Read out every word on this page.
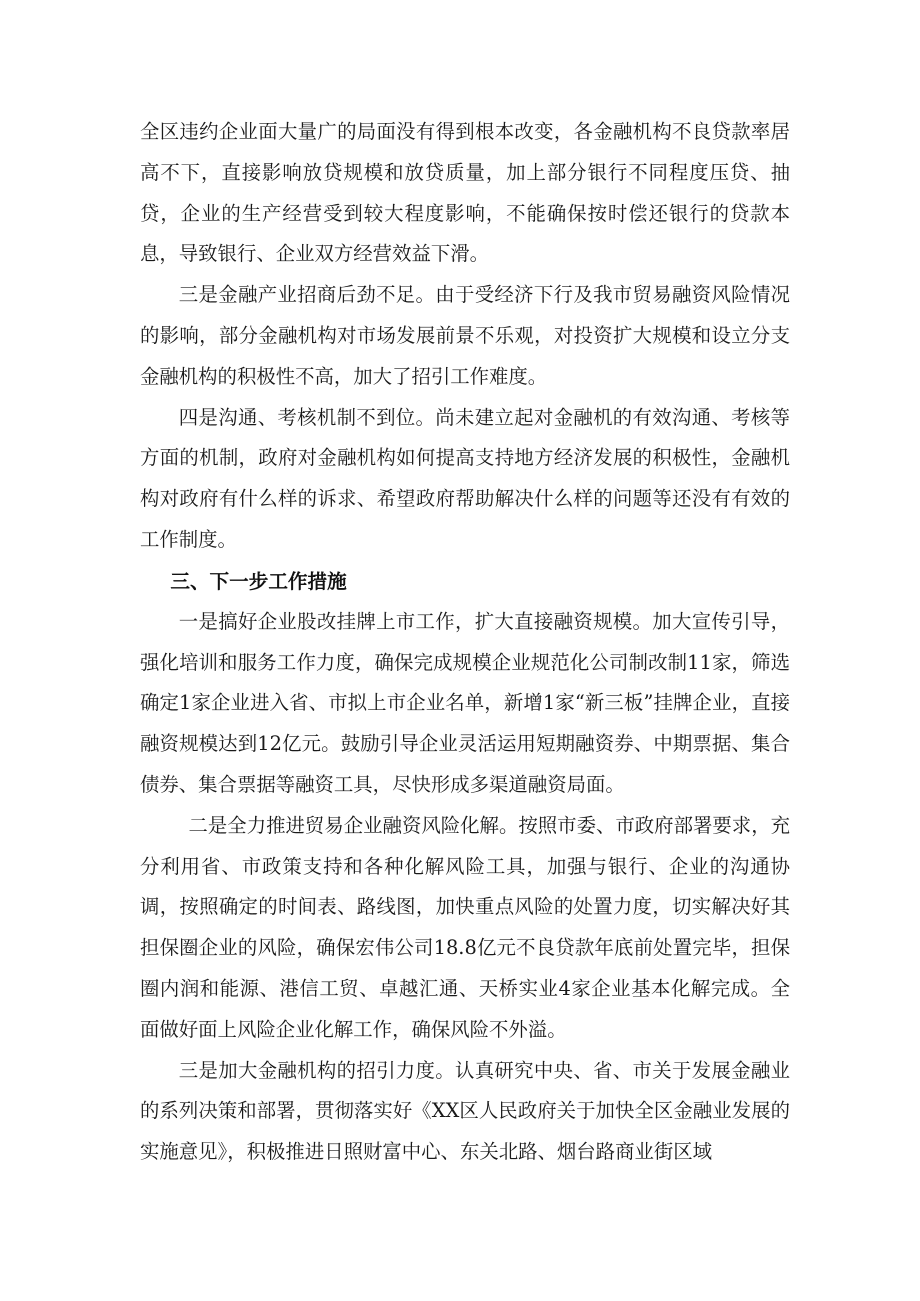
全区违约企业面大量广的局面没有得到根本改变，各金融机构不良贷款率居高不下，直接影响放贷规模和放贷质量，加上部分银行不同程度压贷、抽贷，企业的生产经营受到较大程度影响，不能确保按时偿还银行的贷款本息，导致银行、企业双方经营效益下滑。

三是金融产业招商后劲不足。由于受经济下行及我市贸易融资风险情况的影响，部分金融机构对市场发展前景不乐观，对投资扩大规模和设立分支金融机构的积极性不高，加大了招引工作难度。

四是沟通、考核机制不到位。尚未建立起对金融机的有效沟通、考核等方面的机制，政府对金融机构如何提高支持地方经济发展的积极性，金融机构对政府有什么样的诉求、希望政府帮助解决什么样的问题等还没有有效的工作制度。

三、下一步工作措施

一是搞好企业股改挂牌上市工作，扩大直接融资规模。加大宣传引导，强化培训和服务工作力度，确保完成规模企业规范化公司制改制11家，筛选确定1家企业进入省、市拟上市企业名单，新增1家“新三板”挂牌企业，直接融资规模达到12亿元。鼓励引导企业灵活运用短期融资券、中期票据、集合债券、集合票据等融资工具，尽快形成多渠道融资局面。

二是全力推进贸易企业融资风险化解。按照市委、市政府部署要求，充分利用省、市政策支持和各种化解风险工具，加强与银行、企业的沟通协调，按照确定的时间表、路线图，加快重点风险的处置力度，切实解决好其担保圈企业的风险，确保宏伟公司18.8亿元不良贷款年底前处置完毕，担保圈内润和能源、港信工贸、卓越汇通、天桥实业4家企业基本化解完成。全面做好面上风险企业化解工作，确保风险不外溢。

三是加大金融机构的招引力度。认真研究中央、省、市关于发展金融业的系列决策和部署，贯彻落实好《XX区人民政府关于加快全区金融业发展的实施意见》，积极推进日照财富中心、东关北路、烟台路商业街区域
